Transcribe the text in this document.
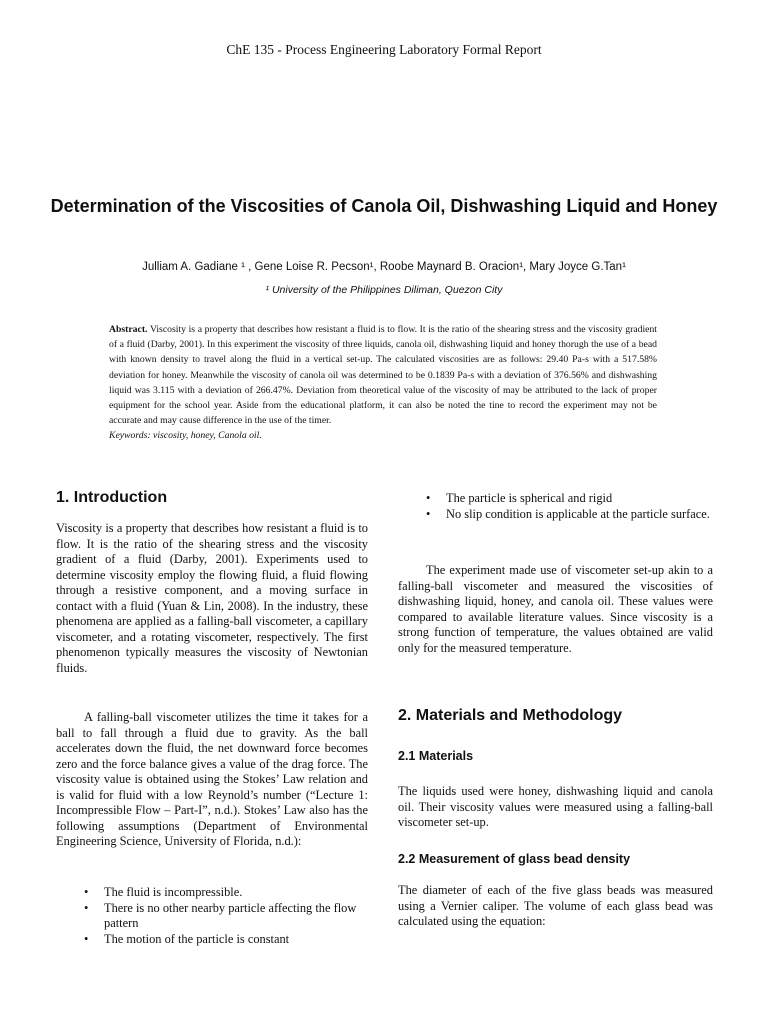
ChE 135 - Process Engineering Laboratory Formal Report
Determination of the Viscosities of Canola Oil, Dishwashing Liquid and Honey
Julliam A. Gadiane ¹ , Gene Loise R. Pecson¹, Roobe Maynard B. Oracion¹, Mary Joyce G.Tan¹
¹ University of the Philippines Diliman, Quezon City
Abstract. Viscosity is a property that describes how resistant a fluid is to flow. It is the ratio of the shearing stress and the viscosity gradient of a fluid (Darby, 2001). In this experiment the viscosity of three liquids, canola oil, dishwashing liquid and honey thorugh the use of a bead with known density to travel along the fluid in a vertical set-up. The calculated viscosities are as follows: 29.40 Pa-s with a 517.58% deviation for honey. Meanwhile the viscosity of canola oil was determined to be 0.1839 Pa-s with a deviation of 376.56% and dishwashing liquid was 3.115 with a deviation of 266.47%. Deviation from theoretical value of the viscosity of may be attributed to the lack of proper equipment for the school year. Aside from the educational platform, it can also be noted the tine to record the experiment may not be accurate and may cause difference in the use of the timer.
Keywords: viscosity, honey, Canola oil.
1. Introduction

Viscosity is a property that describes how resistant a fluid is to flow. It is the ratio of the shearing stress and the viscosity gradient of a fluid (Darby, 2001). Experiments used to determine viscosity employ the flowing fluid, a fluid flowing through a resistive component, and a moving surface in contact with a fluid (Yuan & Lin, 2008). In the industry, these phenomena are applied as a falling-ball viscometer, a capillary viscometer, and a rotating viscometer, respectively. The first phenomenon typically measures the viscosity of Newtonian fluids.

A falling-ball viscometer utilizes the time it takes for a ball to fall through a fluid due to gravity. As the ball accelerates down the fluid, the net downward force becomes zero and the force balance gives a value of the drag force. The viscosity value is obtained using the Stokes’ Law relation and is valid for fluid with a low Reynold’s number (“Lecture 1: Incompressible Flow – Part-I”, n.d.). Stokes’ Law also has the following assumptions (Department of Environmental Engineering Science, University of Florida, n.d.):

• The fluid is incompressible.
• There is no other nearby particle affecting the flow pattern
• The motion of the particle is constant
• The particle is spherical and rigid
• No slip condition is applicable at the particle surface.

The experiment made use of viscometer set-up akin to a falling-ball viscometer and measured the viscosities of dishwashing liquid, honey, and canola oil. These values were compared to available literature values. Since viscosity is a strong function of temperature, the values obtained are valid only for the measured temperature.

2. Materials and Methodology
2.1 Materials

The liquids used were honey, dishwashing liquid and canola oil. Their viscosity values were measured using a falling-ball viscometer set-up.

2.2 Measurement of glass bead density

The diameter of each of the five glass beads was measured using a Vernier caliper. The volume of each glass bead was calculated using the equation:
